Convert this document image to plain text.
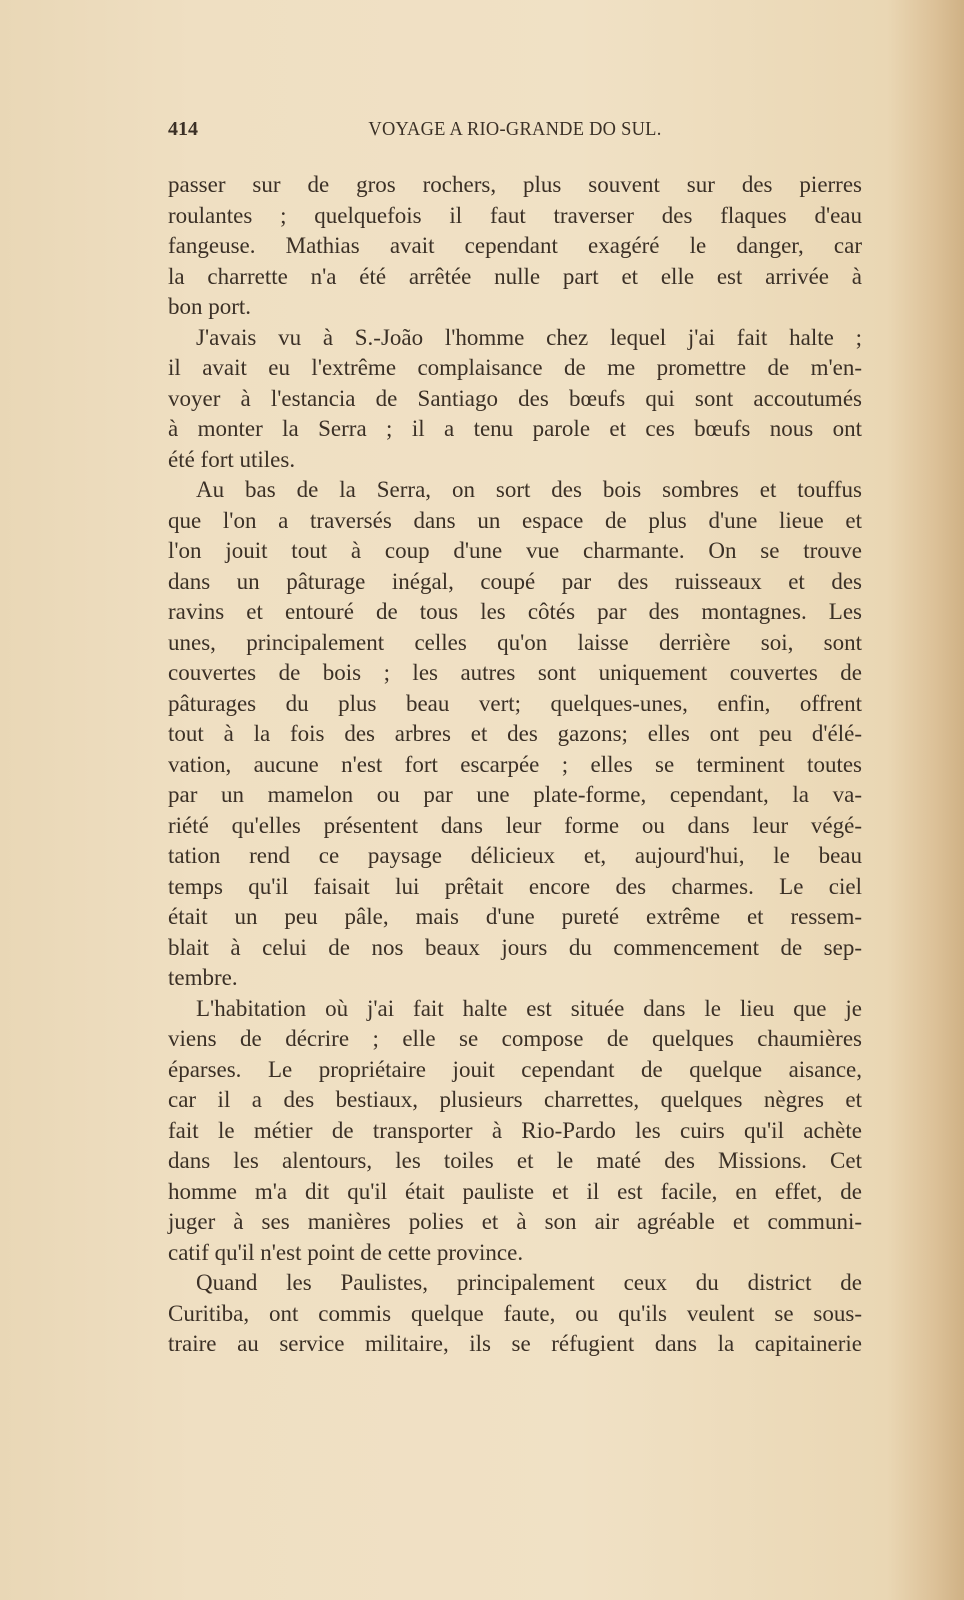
414	VOYAGE A RIO-GRANDE DO SUL.
passer sur de gros rochers, plus souvent sur des pierres
roulantes ; quelquefois il faut traverser des flaques d'eau
fangeuse. Mathias avait cependant exagéré le danger, car
la charrette n'a été arrêtée nulle part et elle est arrivée à
bon port.
J'avais vu à S.-João l'homme chez lequel j'ai fait halte ;
il avait eu l'extrême complaisance de me promettre de m'en-
voyer à l'estancia de Santiago des bœufs qui sont accoutumés
à monter la Serra ; il a tenu parole et ces bœufs nous ont
été fort utiles.
Au bas de la Serra, on sort des bois sombres et touffus
que l'on a traversés dans un espace de plus d'une lieue et
l'on jouit tout à coup d'une vue charmante. On se trouve
dans un pâturage inégal, coupé par des ruisseaux et des
ravins et entouré de tous les côtés par des montagnes. Les
unes, principalement celles qu'on laisse derrière soi, sont
couvertes de bois ; les autres sont uniquement couvertes de
pâturages du plus beau vert; quelques-unes, enfin, offrent
tout à la fois des arbres et des gazons; elles ont peu d'élé-
vation, aucune n'est fort escarpée ; elles se terminent toutes
par un mamelon ou par une plate-forme, cependant, la va-
riété qu'elles présentent dans leur forme ou dans leur végé-
tation rend ce paysage délicieux et, aujourd'hui, le beau
temps qu'il faisait lui prêtait encore des charmes. Le ciel
était un peu pâle, mais d'une pureté extrême et ressem-
blait à celui de nos beaux jours du commencement de sep-
tembre.
L'habitation où j'ai fait halte est située dans le lieu que je
viens de décrire ; elle se compose de quelques chaumières
éparses. Le propriétaire jouit cependant de quelque aisance,
car il a des bestiaux, plusieurs charrettes, quelques nègres et
fait le métier de transporter à Rio-Pardo les cuirs qu'il achète
dans les alentours, les toiles et le maté des Missions. Cet
homme m'a dit qu'il était pauliste et il est facile, en effet, de
juger à ses manières polies et à son air agréable et communi-
catif qu'il n'est point de cette province.
Quand les Paulistes, principalement ceux du district de
Curitiba, ont commis quelque faute, ou qu'ils veulent se sous-
traire au service militaire, ils se réfugient dans la capitainerie
